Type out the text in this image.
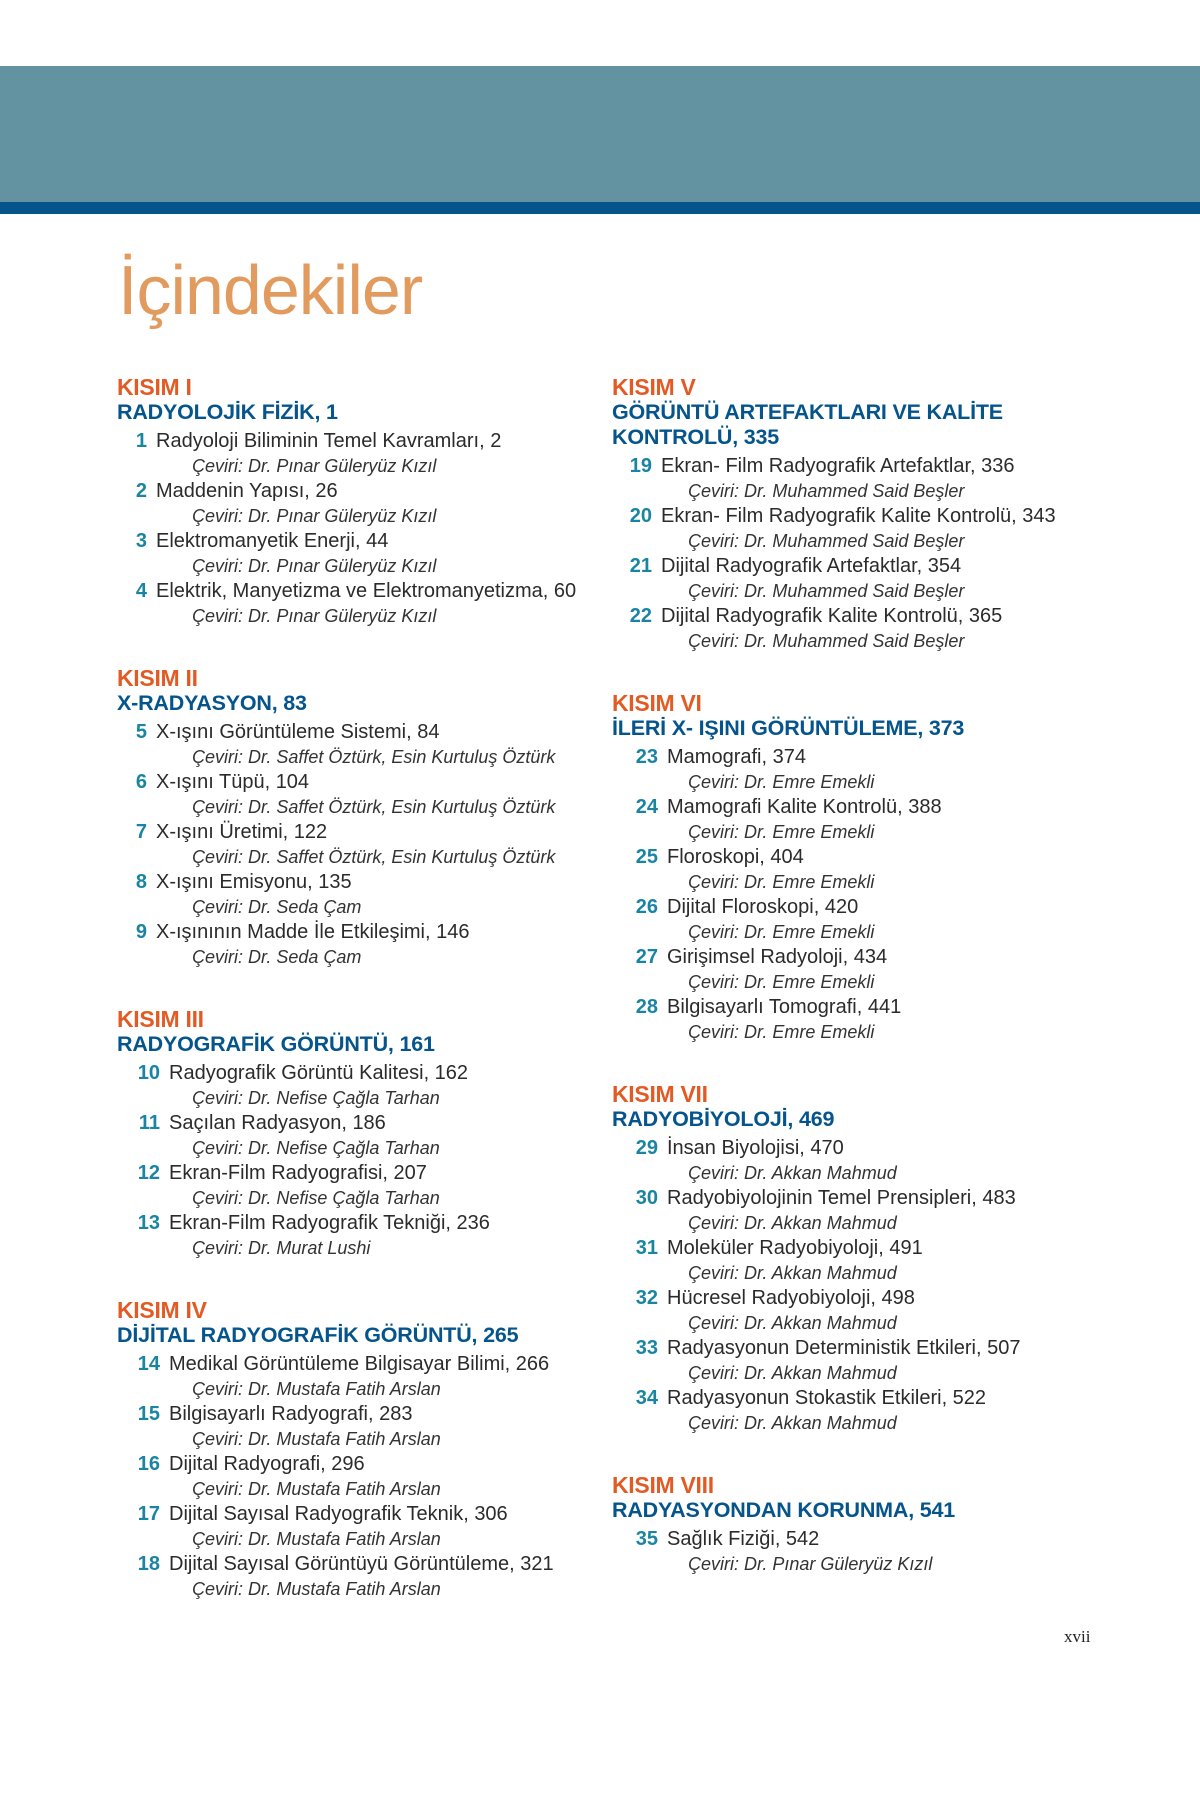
İçindekiler
KISIM I
RADYOLOJİK FİZİK, 1
1 Radyoloji Biliminin Temel Kavramları, 2
Çeviri: Dr. Pınar Güleryüz Kızıl
2 Maddenin Yapısı, 26
Çeviri: Dr. Pınar Güleryüz Kızıl
3 Elektromanyetik Enerji, 44
Çeviri: Dr. Pınar Güleryüz Kızıl
4 Elektrik, Manyetizma ve Elektromanyetizma, 60
Çeviri: Dr. Pınar Güleryüz Kızıl
KISIM II
X-RADYASYON, 83
5 X-ışını Görüntüleme Sistemi, 84
Çeviri: Dr. Saffet Öztürk, Esin Kurtuluş Öztürk
6 X-ışını Tüpü, 104
Çeviri: Dr. Saffet Öztürk, Esin Kurtuluş Öztürk
7 X-ışını Üretimi, 122
Çeviri: Dr. Saffet Öztürk, Esin Kurtuluş Öztürk
8 X-ışını Emisyonu, 135
Çeviri: Dr. Seda Çam
9 X-ışınının Madde İle Etkileşimi, 146
Çeviri: Dr. Seda Çam
KISIM III
RADYOGRAFİK GÖRÜNTÜ, 161
10 Radyografik Görüntü Kalitesi, 162
Çeviri: Dr. Nefise Çağla Tarhan
11 Saçılan Radyasyon, 186
Çeviri: Dr. Nefise Çağla Tarhan
12 Ekran-Film Radyografisi, 207
Çeviri: Dr. Nefise Çağla Tarhan
13 Ekran-Film Radyografik Tekniği, 236
Çeviri: Dr. Murat Lushi
KISIM IV
DİJİTAL RADYOGRAFİK GÖRÜNTÜ, 265
14 Medikal Görüntüleme Bilgisayar Bilimi, 266
Çeviri: Dr. Mustafa Fatih Arslan
15 Bilgisayarlı Radyografi, 283
Çeviri: Dr. Mustafa Fatih Arslan
16 Dijital Radyografi, 296
Çeviri: Dr. Mustafa Fatih Arslan
17 Dijital Sayısal Radyografik Teknik, 306
Çeviri: Dr. Mustafa Fatih Arslan
18 Dijital Sayısal Görüntüyü Görüntüleme, 321
Çeviri: Dr. Mustafa Fatih Arslan
KISIM V
GÖRÜNTÜ ARTEFAKTLARI VE KALİTE
KONTROLÜ, 335
19 Ekran- Film Radyografik Artefaktlar, 336
Çeviri: Dr. Muhammed Said Beşler
20 Ekran- Film Radyografik Kalite Kontrolü, 343
Çeviri: Dr. Muhammed Said Beşler
21 Dijital Radyografik Artefaktlar, 354
Çeviri: Dr. Muhammed Said Beşler
22 Dijital Radyografik Kalite Kontrolü, 365
Çeviri: Dr. Muhammed Said Beşler
KISIM VI
İLERİ X- IŞINI GÖRÜNTÜLEME, 373
23 Mamografi, 374
Çeviri: Dr. Emre Emekli
24 Mamografi Kalite Kontrolü, 388
Çeviri: Dr. Emre Emekli
25 Floroskopi, 404
Çeviri: Dr. Emre Emekli
26 Dijital Floroskopi, 420
Çeviri: Dr. Emre Emekli
27 Girişimsel Radyoloji, 434
Çeviri: Dr. Emre Emekli
28 Bilgisayarlı Tomografi, 441
Çeviri: Dr. Emre Emekli
KISIM VII
RADYOBİYOLOJİ, 469
29 İnsan Biyolojisi, 470
Çeviri: Dr. Akkan Mahmud
30 Radyobiyolojinin Temel Prensipleri, 483
Çeviri: Dr. Akkan Mahmud
31 Moleküler Radyobiyoloji, 491
Çeviri: Dr. Akkan Mahmud
32 Hücresel Radyobiyoloji, 498
Çeviri: Dr. Akkan Mahmud
33 Radyasyonun Deterministik Etkileri, 507
Çeviri: Dr. Akkan Mahmud
34 Radyasyonun Stokastik Etkileri, 522
Çeviri: Dr. Akkan Mahmud
KISIM VIII
RADYASYONDAN KORUNMA, 541
35 Sağlık Fiziği, 542
Çeviri: Dr. Pınar Güleryüz Kızıl
xvii
